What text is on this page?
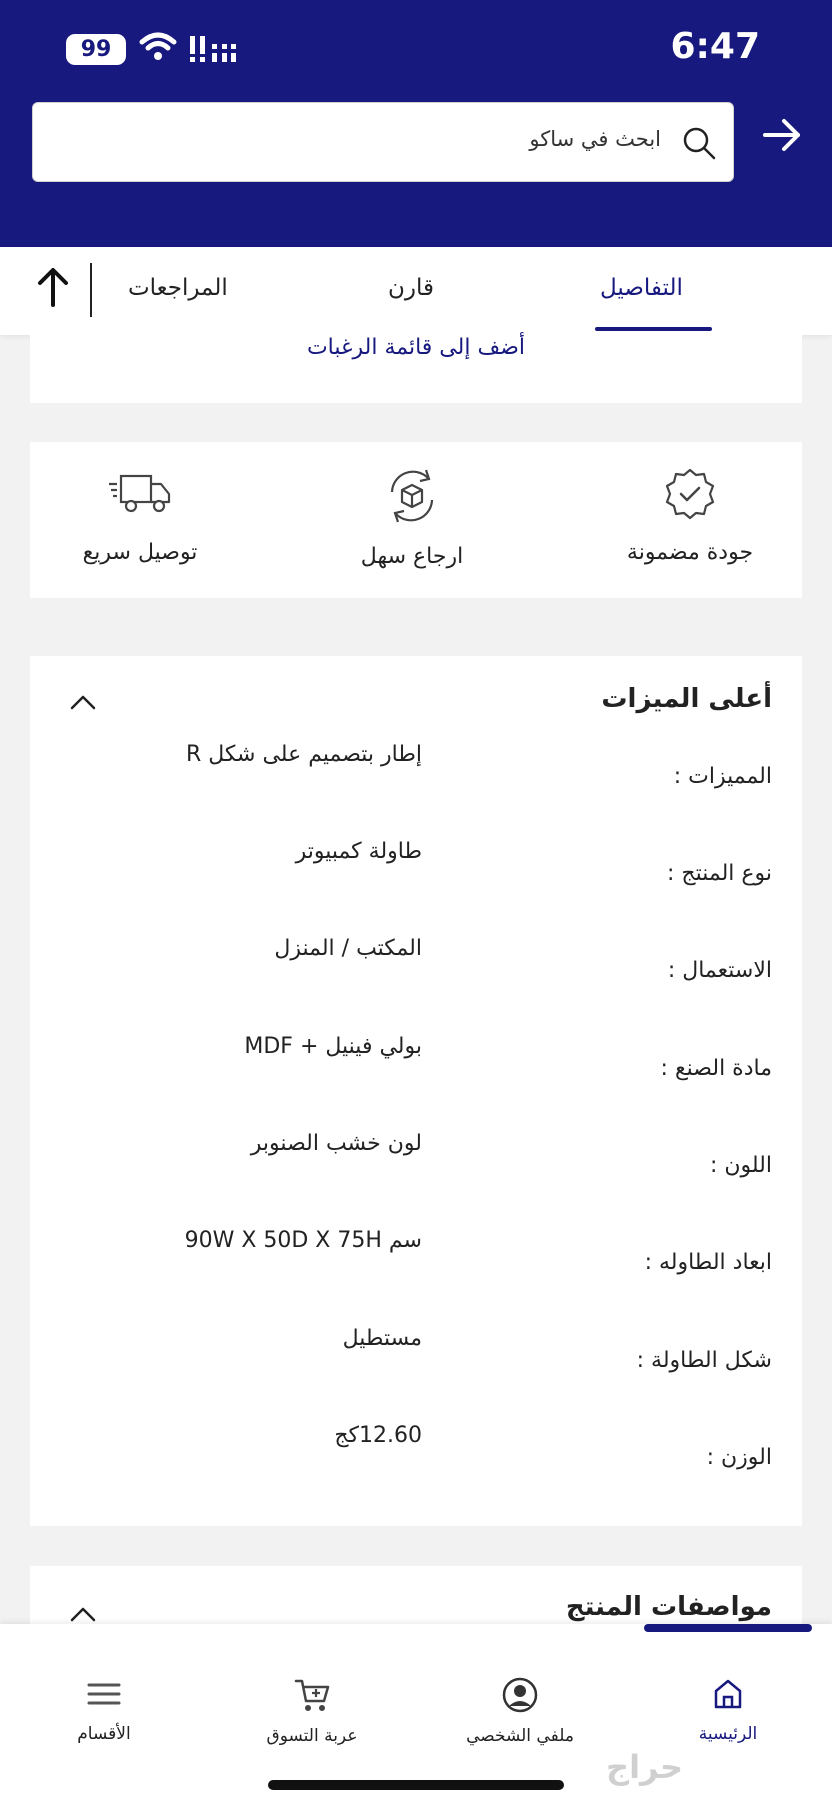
99	6:47
ابحث في ساكو
التفاصيل
قارن
المراجعات
أضف إلى قائمة الرغبات
جودة مضمونة
ارجاع سهل
توصيل سريع
أعلى الميزات
المميزات :
إطار بتصميم على شكل R
نوع المنتج :
طاولة كمبيوتر
الاستعمال :
المكتب / المنزل
مادة الصنع :
بولي فينيل + MDF
اللون :
لون خشب الصنوبر
ابعاد الطاوله :
سم 90W X 50D X 75H
شكل الطاولة :
مستطيل
الوزن :
12.60كج
مواصفات المنتج
الرئيسية
ملفي الشخصي
عربة التسوق
الأقسام
حراج
